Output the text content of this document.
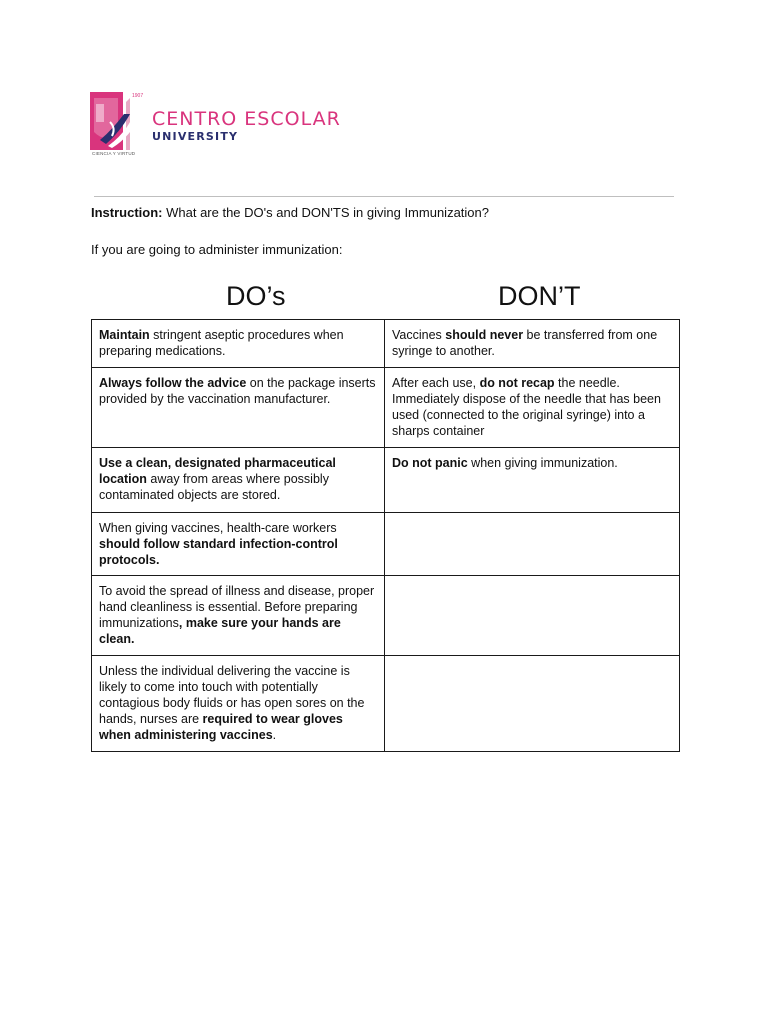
1907
CIENCIA Y VIRTUD
CENTRO ESCOLAR
UNIVERSITY
Instruction: What are the DO's and DON'TS in giving Immunization?
If you are going to administer immunization:
DO’s	DON’T
Maintain stringent aseptic procedures when preparing medications.	Vaccines should never be transferred from one syringe to another.
Always follow the advice on the package inserts provided by the vaccination manufacturer.	After each use, do not recap the needle. Immediately dispose of the needle that has been used (connected to the original syringe) into a sharps container
Use a clean, designated pharmaceutical location away from areas where possibly contaminated objects are stored.	Do not panic when giving immunization.
When giving vaccines, health-care workers should follow standard infection-control protocols.	
To avoid the spread of illness and disease, proper hand cleanliness is essential. Before preparing immunizations, make sure your hands are clean.	
Unless the individual delivering the vaccine is likely to come into touch with potentially contagious body fluids or has open sores on the hands, nurses are required to wear gloves when administering vaccines.	
